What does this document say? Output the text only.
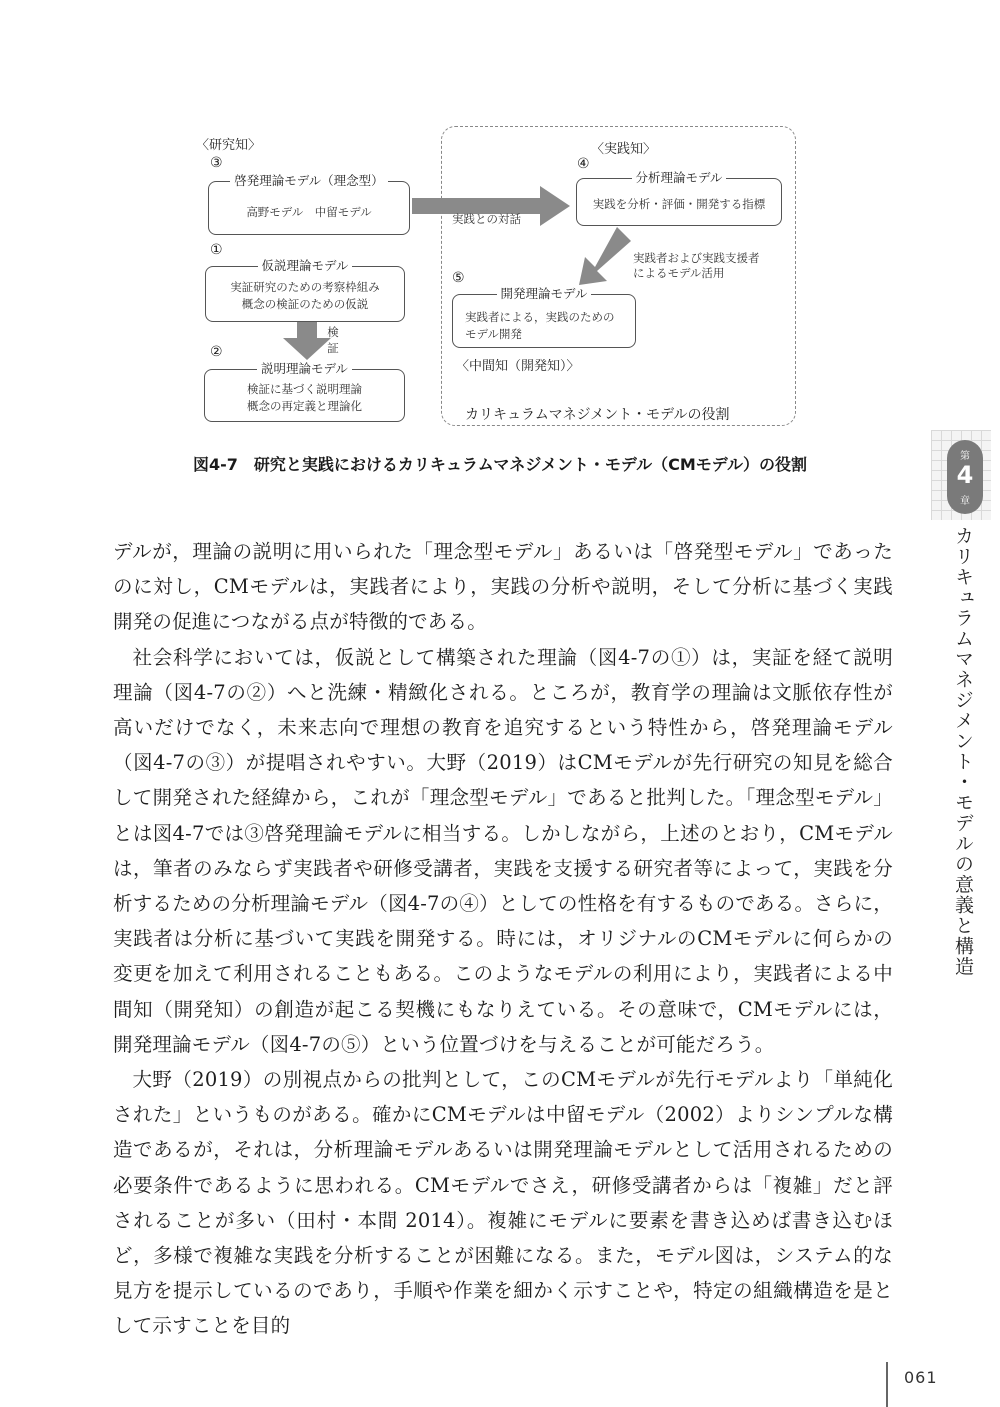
〈研究知〉	〈実践知〉
実践との対話
検証
実践者および実践支援者
によるモデル活用
③
啓発理論モデル（理念型）
高野モデル　中留モデル
①
仮説理論モデル
実証研究のための考察枠組み
概念の検証のための仮説
②
説明理論モデル
検証に基づく説明理論
概念の再定義と理論化
④
分析理論モデル
実践を分析・評価・開発する指標
⑤
開発理論モデル
実践者による，実践のための
モデル開発
〈中間知（開発知）〉
カリキュラムマネジメント・モデルの役割
図4-7　研究と実践におけるカリキュラムマネジメント・モデル（CMモデル）の役割

デルが，理論の説明に用いられた「理念型モデル」あるいは「啓発型モデル」であったのに対し，CMモデルは，実践者により，実践の分析や説明，そして分析に基づく実践開発の促進につながる点が特徴的である。

社会科学においては，仮説として構築された理論（図4-7の①）は，実証を経て説明理論（図4-7の②）へと洗練・精緻化される。ところが，教育学の理論は文脈依存性が高いだけでなく，未来志向で理想の教育を追究するという特性から，啓発理論モデル（図4-7の③）が提唱されやすい。大野（2019）はCMモデルが先行研究の知見を総合して開発された経緯から，これが「理念型モデル」であると批判した。「理念型モデル」とは図4-7では③啓発理論モデルに相当する。しかしながら，上述のとおり，CMモデルは，筆者のみならず実践者や研修受講者，実践を支援する研究者等によって，実践を分析するための分析理論モデル（図4-7の④）としての性格を有するものである。さらに，実践者は分析に基づいて実践を開発する。時には，オリジナルのCMモデルに何らかの変更を加えて利用されることもある。このようなモデルの利用により，実践者による中間知（開発知）の創造が起こる契機にもなりえている。その意味で，CMモデルには，開発理論モデル（図4-7の⑤）という位置づけを与えることが可能だろう。

大野（2019）の別視点からの批判として，このCMモデルが先行モデルより「単純化された」というものがある。確かにCMモデルは中留モデル（2002）よりシンプルな構造であるが，それは，分析理論モデルあるいは開発理論モデルとして活用されるための必要条件であるように思われる。CMモデルでさえ，研修受講者からは「複雑」だと評されることが多い（田村・本間 2014）。複雑にモデルに要素を書き込めば書き込むほど，多様で複雑な実践を分析することが困難になる。また，モデル図は，システム的な見方を提示しているのであり，手順や作業を細かく示すことや，特定の組織構造を是として示すことを目的

第
4
章
カリキュラムマネジメント・モデルの意義と構造
061
